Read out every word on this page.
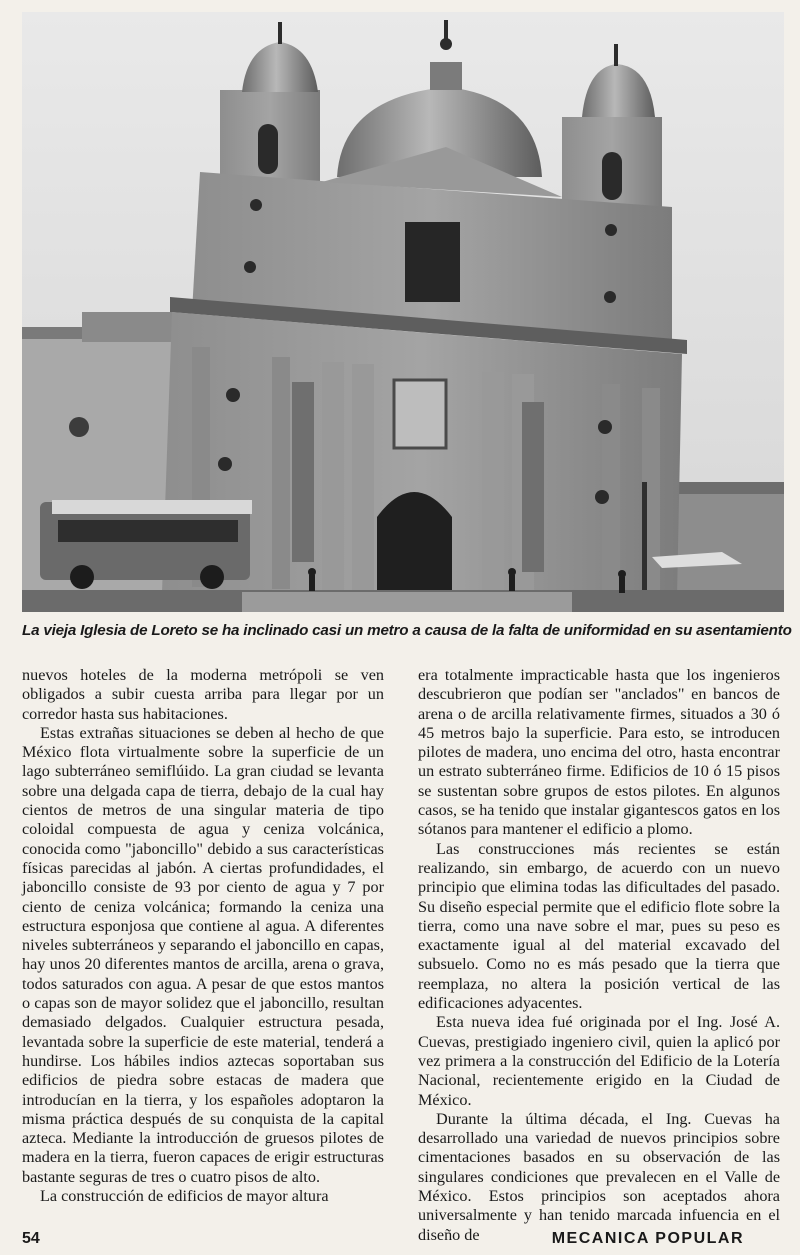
La vieja Iglesia de Loreto se ha inclinado casi un metro a causa de la falta de uniformidad en su asentamiento

nuevos hoteles de la moderna metrópoli se ven obligados a subir cuesta arriba para llegar por un corredor hasta sus habitaciones.

Estas extrañas situaciones se deben al hecho de que México flota virtualmente sobre la superficie de un lago subterráneo semiflúido. La gran ciudad se levanta sobre una delgada capa de tierra, debajo de la cual hay cientos de metros de una singular materia de tipo coloidal compuesta de agua y ceniza volcánica, conocida como "jaboncillo" debido a sus características físicas parecidas al jabón. A ciertas profundidades, el jaboncillo consiste de 93 por ciento de agua y 7 por ciento de ceniza volcánica; formando la ceniza una estructura esponjosa que contiene al agua. A diferentes niveles subterráneos y separando el jaboncillo en capas, hay unos 20 diferentes mantos de arcilla, arena o grava, todos saturados con agua. A pesar de que estos mantos o capas son de mayor solidez que el jaboncillo, resultan demasiado delgados. Cualquier estructura pesada, levantada sobre la superficie de este material, tenderá a hundirse. Los hábiles indios aztecas soportaban sus edificios de piedra sobre estacas de madera que introducían en la tierra, y los españoles adoptaron la misma práctica después de su conquista de la capital azteca. Mediante la introducción de gruesos pilotes de madera en la tierra, fueron capaces de erigir estructuras bastante seguras de tres o cuatro pisos de alto.

La construcción de edificios de mayor altura

era totalmente impracticable hasta que los ingenieros descubrieron que podían ser "anclados" en bancos de arena o de arcilla relativamente firmes, situados a 30 ó 45 metros bajo la superficie. Para esto, se introducen pilotes de madera, uno encima del otro, hasta encontrar un estrato subterráneo firme. Edificios de 10 ó 15 pisos se sustentan sobre grupos de estos pilotes. En algunos casos, se ha tenido que instalar gigantescos gatos en los sótanos para mantener el edificio a plomo.

Las construcciones más recientes se están realizando, sin embargo, de acuerdo con un nuevo principio que elimina todas las dificultades del pasado. Su diseño especial permite que el edificio flote sobre la tierra, como una nave sobre el mar, pues su peso es exactamente igual al del material excavado del subsuelo. Como no es más pesado que la tierra que reemplaza, no altera la posición vertical de las edificaciones adyacentes.

Esta nueva idea fué originada por el Ing. José A. Cuevas, prestigiado ingeniero civil, quien la aplicó por vez primera a la construcción del Edificio de la Lotería Nacional, recientemente erigido en la Ciudad de México.

Durante la última década, el Ing. Cuevas ha desarrollado una variedad de nuevos principios sobre cimentaciones basados en su observación de las singulares condiciones que prevalecen en el Valle de México. Estos principios son aceptados ahora universalmente y han tenido marcada infuencia en el diseño de

54	MECANICA POPULAR
